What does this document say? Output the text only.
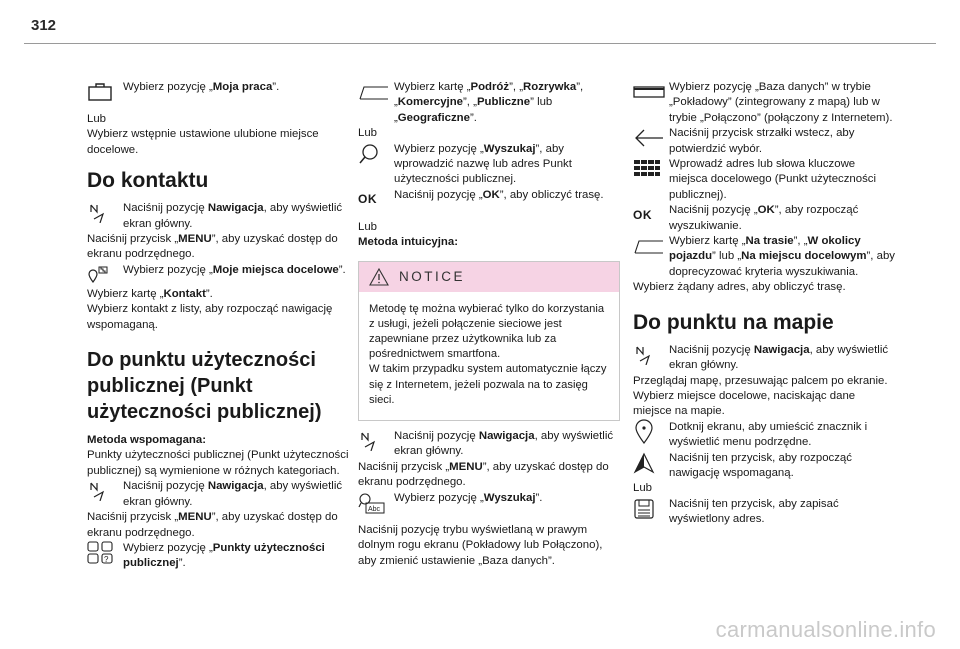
312
Wybierz pozycję „Moja praca”.
Lub
Wybierz wstępnie ustawione ulubione miejsce docelowe.
Do kontaktu
Naciśnij pozycję Nawigacja, aby wyświetlić ekran główny.
Naciśnij przycisk „MENU”, aby uzyskać dostęp do ekranu podrzędnego.
Wybierz pozycję „Moje miejsca docelowe”.
Wybierz kartę „Kontakt”.
Wybierz kontakt z listy, aby rozpocząć nawigację wspomaganą.
Do punktu użyteczności
publicznej (Punkt
użyteczności publicznej)
Metoda wspomagana:
Punkty użyteczności publicznej (Punkt użyteczności publicznej) są wymienione w różnych kategoriach.
Naciśnij pozycję Nawigacja, aby wyświetlić ekran główny.
Naciśnij przycisk „MENU”, aby uzyskać dostęp do ekranu podrzędnego.
?
Wybierz pozycję „Punkty użyteczności publicznej”.
Wybierz kartę „Podróż”, „Rozrywka”, „Komercyjne”, „Publiczne” lub „Geograficzne”.
Lub
Wybierz pozycję „Wyszukaj”, aby wprowadzić nazwę lub adres Punkt użyteczności publicznej.
OK	Naciśnij pozycję „OK”, aby obliczyć trasę.
Lub
Metoda intuicyjna:
NOTICE
Metodę tę można wybierać tylko do korzystania z usługi, jeżeli połączenie sieciowe jest zapewniane przez użytkownika lub za pośrednictwem smartfona.
W takim przypadku system automatycznie łączy się z Internetem, jeżeli pozwala na to zasięg sieci.
Naciśnij pozycję Nawigacja, aby wyświetlić ekran główny.
Naciśnij przycisk „MENU”, aby uzyskać dostęp do ekranu podrzędnego.
Abc
Wybierz pozycję „Wyszukaj”.
Naciśnij pozycję trybu wyświetlaną w prawym dolnym rogu ekranu (Pokładowy lub Połączono), aby zmienić ustawienie „Baza danych”.
Wybierz pozycję „Baza danych” w trybie „Pokładowy” (zintegrowany z mapą) lub w trybie „Połączono” (połączony z Internetem).
Naciśnij przycisk strzałki wstecz, aby potwierdzić wybór.
Wprowadź adres lub słowa kluczowe miejsca docelowego (Punkt użyteczności publicznej).
OK	Naciśnij pozycję „OK”, aby rozpocząć wyszukiwanie.
Wybierz kartę „Na trasie”, „W okolicy pojazdu” lub „Na miejscu docelowym”, aby doprecyzować kryteria wyszukiwania.
Wybierz żądany adres, aby obliczyć trasę.
Do punktu na mapie
Naciśnij pozycję Nawigacja, aby wyświetlić ekran główny.
Przeglądaj mapę, przesuwając palcem po ekranie.
Wybierz miejsce docelowe, naciskając dane miejsce na mapie.
Dotknij ekranu, aby umieścić znacznik i wyświetlić menu podrzędne.
Naciśnij ten przycisk, aby rozpocząć nawigację wspomaganą.
Lub
Naciśnij ten przycisk, aby zapisać wyświetlony adres.
carmanualsonline.info
